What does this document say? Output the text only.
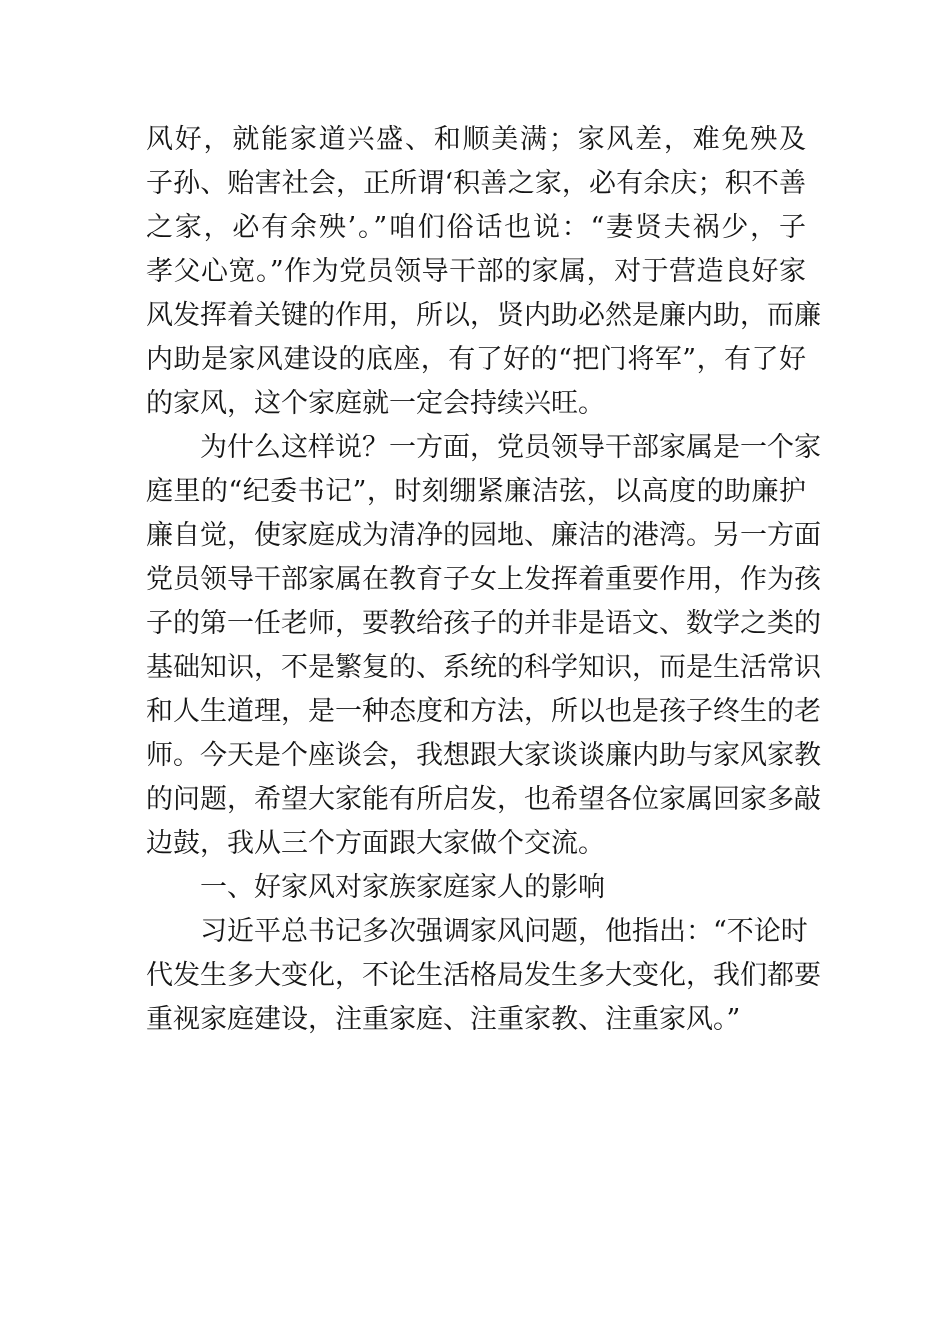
风好，就能家道兴盛、和顺美满；家风差，难免殃及
子孙、贻害社会，正所谓‘积善之家，必有余庆；积不善
之家，必有余殃’。”咱们俗话也说：“妻贤夫祸少，子
孝父心宽。”作为党员领导干部的家属，对于营造良好家
风发挥着关键的作用，所以，贤内助必然是廉内助，而廉
内助是家风建设的底座，有了好的“把门将军”，有了好
的家风，这个家庭就一定会持续兴旺。
为什么这样说？一方面，党员领导干部家属是一个家
庭里的“纪委书记”，时刻绷紧廉洁弦，以高度的助廉护
廉自觉，使家庭成为清净的园地、廉洁的港湾。另一方面
党员领导干部家属在教育子女上发挥着重要作用，作为孩
子的第一任老师，要教给孩子的并非是语文、数学之类的
基础知识，不是繁复的、系统的科学知识，而是生活常识
和人生道理，是一种态度和方法，所以也是孩子终生的老
师。今天是个座谈会，我想跟大家谈谈廉内助与家风家教
的问题，希望大家能有所启发，也希望各位家属回家多敲
边鼓，我从三个方面跟大家做个交流。
一、好家风对家族家庭家人的影响
习近平总书记多次强调家风问题，他指出：“不论时
代发生多大变化，不论生活格局发生多大变化，我们都要
重视家庭建设，注重家庭、注重家教、注重家风。”
